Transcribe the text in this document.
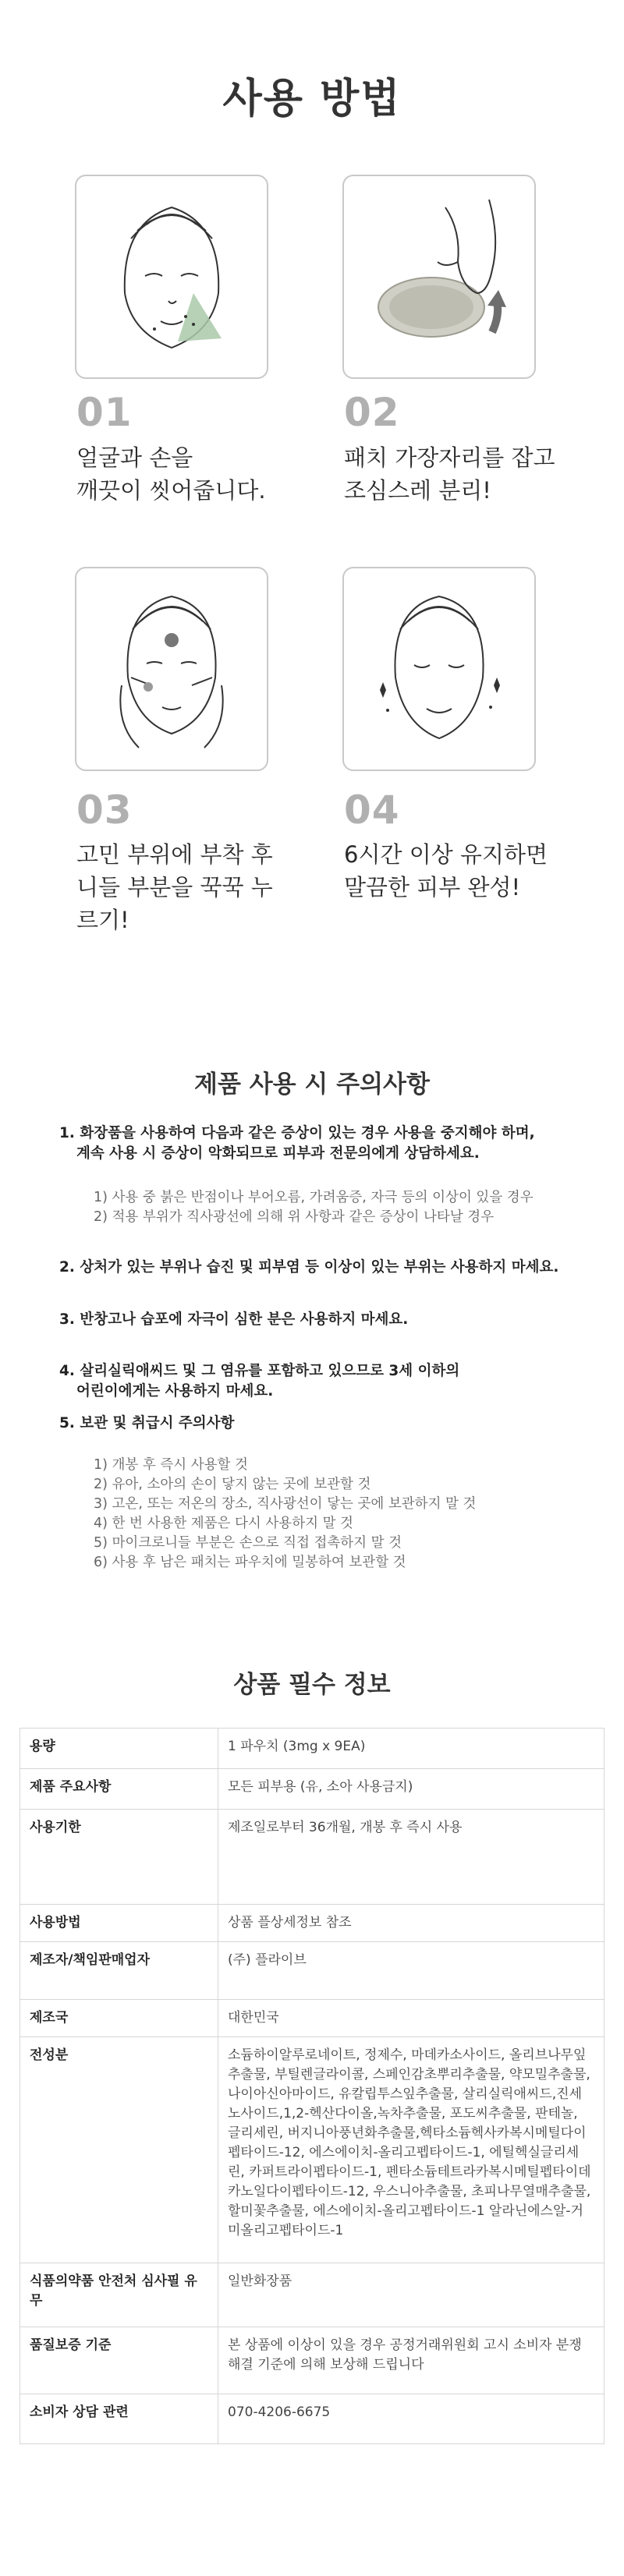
사용 방법
01
얼굴과 손을
깨끗이 씻어줍니다.
02
패치 가장자리를 잡고
조심스레 분리!
03
고민 부위에 부착 후
니들 부분을 꾹꾹 누
르기!
04
6시간 이상 유지하면
말끔한 피부 완성!
제품 사용 시 주의사항
1. 화장품을 사용하여 다음과 같은 증상이 있는 경우 사용을 중지해야 하며,
계속 사용 시 증상이 악화되므로 피부과 전문의에게 상담하세요.
1) 사용 중 붉은 반점이나 부어오름, 가려움증, 자극 등의 이상이 있을 경우
2) 적용 부위가 직사광선에 의해 위 사항과 같은 증상이 나타날 경우
2. 상처가 있는 부위나 습진 및 피부염 등 이상이 있는 부위는 사용하지 마세요.
3. 반창고나 습포에 자극이 심한 분은 사용하지 마세요.
4. 살리실릭애씨드 및 그 염유를 포함하고 있으므로 3세 이하의
어린이에게는 사용하지 마세요.
5. 보관 및 취급시 주의사항
1) 개봉 후 즉시 사용할 것
2) 유아, 소아의 손이 닿지 않는 곳에 보관할 것
3) 고온, 또는 저온의 장소, 직사광선이 닿는 곳에 보관하지 말 것
4) 한 번 사용한 제품은 다시 사용하지 말 것
5) 마이크로니들 부분은 손으로 직접 접촉하지 말 것
6) 사용 후 남은 패치는 파우치에 밀봉하여 보관할 것
상품 필수 정보
용량	1 파우치 (3mg x 9EA)
제품 주요사항	모든 피부용 (유, 소아 사용금지)
사용기한	제조일로부터 36개월, 개봉 후 즉시 사용
사용방법	상품 플상세정보 참조
제조자/책임판매업자	(주) 플라이브
제조국	대한민국
전성분	소듐하이알루로네이트, 정제수, 마데카소사이드, 올리브나무잎추출물, 부틸렌글라이콜, 스페인감초뿌리추출물, 약모밀추출물, 나이아신아마이드, 유칼립투스잎추출물, 살리실릭애씨드,진세노사이드,1,2-헥산다이올,녹차추출물, 포도씨추출물, 판테놀, 글리세린, 버지니아풍년화추출물,헥타소듐헥사카복시메틸다이펩타이드-12, 에스에이치-올리고펩타이드-1, 에틸헥실글리세린, 카퍼트라이펩타이드-1, 펜타소듐테트라카복시메틸펩타이데카노일다이펩타이드-12, 우스니아추출물, 초피나무열매추출물, 할미꽃추출물, 에스에이치-올리고펩타이드-1 알라닌에스알-거미올리고펩타이드-1
식품의약품 안전처 심사필 유무	일반화장품
품질보증 기준	본 상품에 이상이 있을 경우 공정거래위원회 고시 소비자 분쟁해결 기준에 의해 보상해 드립니다
소비자 상담 관련	070-4206-6675
